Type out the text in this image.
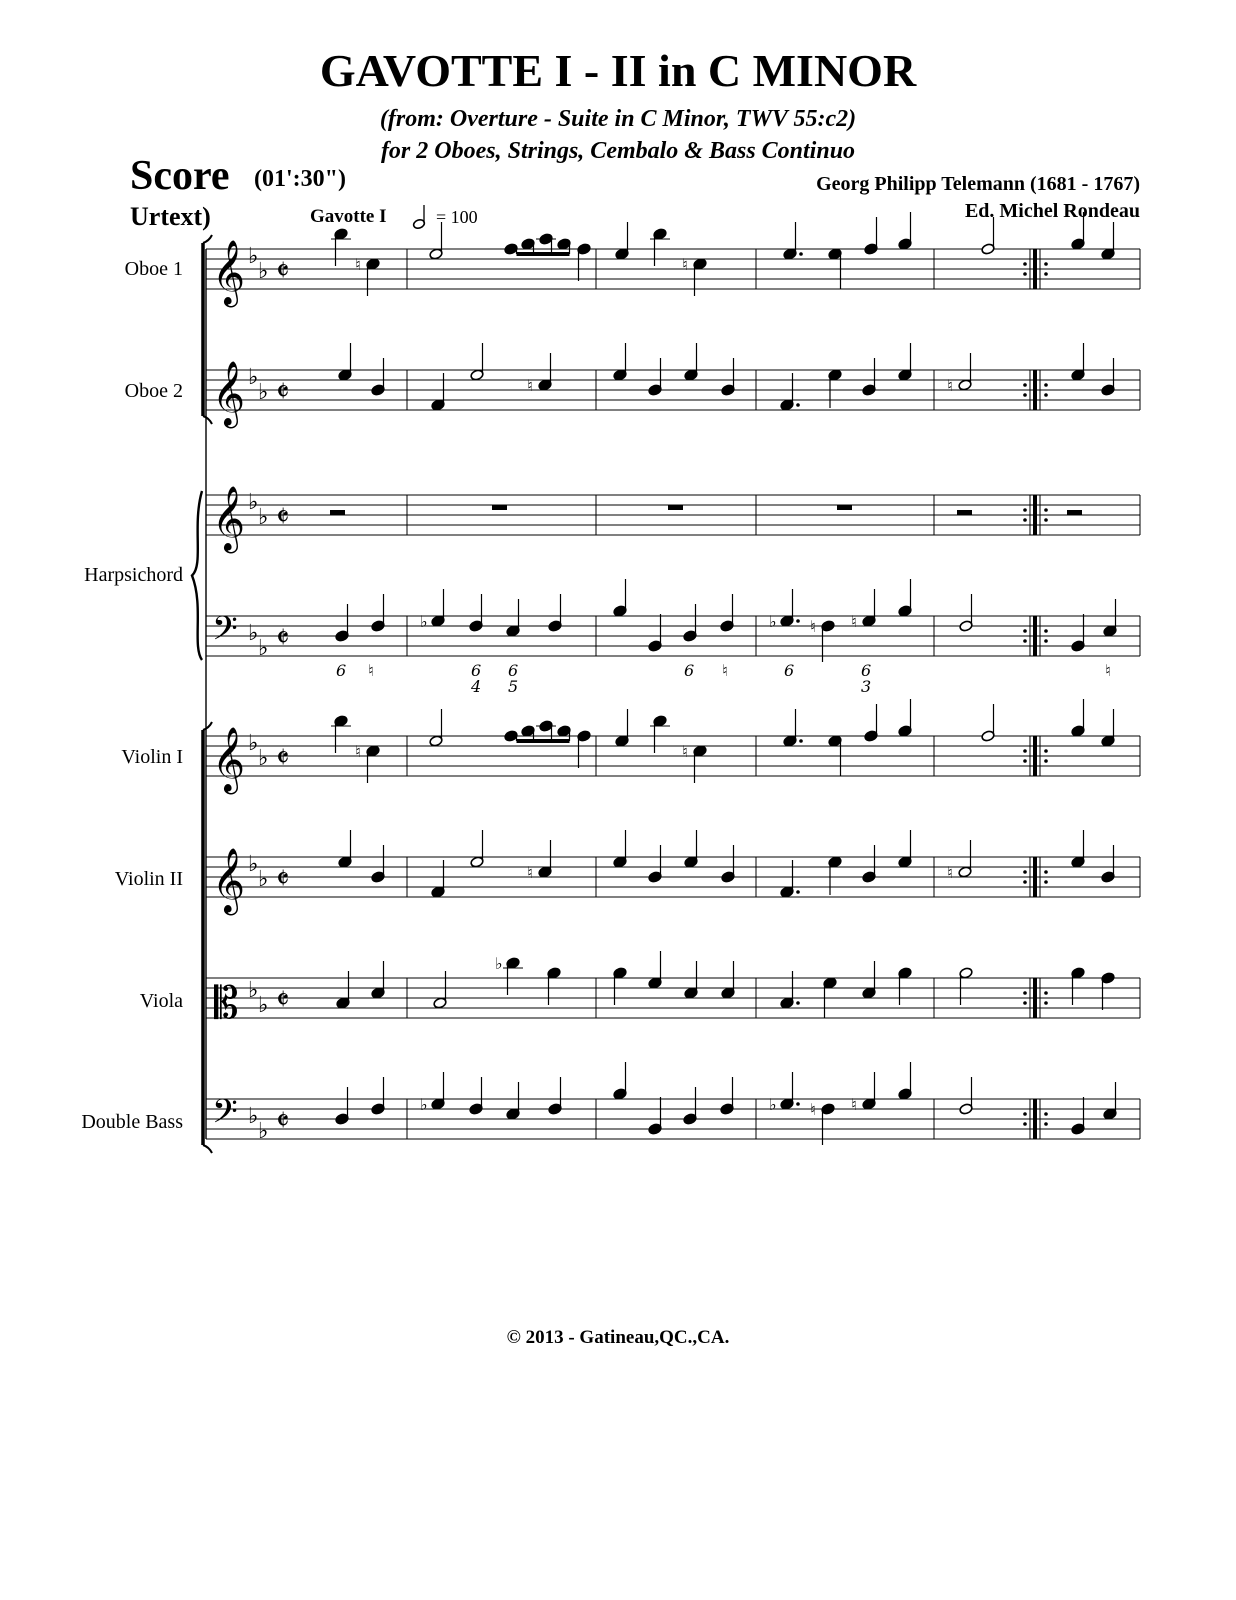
GAVOTTE I - II in C MINOR
(from: Overture - Suite in C Minor, TWV 55:c2)
for 2 Oboes, Strings, Cembalo & Bass Continuo
Score (01':30")
Urtext)
Georg Philipp Telemann (1681 - 1767)
Ed. Michel Rondeau
Gavotte I	= 100
Oboe 1
Oboe 2
Harpsichord
Violin I
Violin II
Viola
Double Bass
𝄞 ♭
♭ 𝄵
𝄞 ♭
♭ 𝄵
𝄞 ♭
♭ 𝄵
𝄢 ♭
♭ 𝄵
𝄞 ♭
♭ 𝄵
𝄞 ♭
♭ 𝄵
𝄡 ♭
♭ 𝄵
𝄢 ♭
♭ 𝄵
♮	♮
♮	♮
♭	♭ ♮ ♮
♮	♮
♮	♮
♭
♭	♭ ♮ ♮
6 ♮	6
4
6
5
6 ♮	6	6
3
♮
© 2013 - Gatineau,QC.,CA.
